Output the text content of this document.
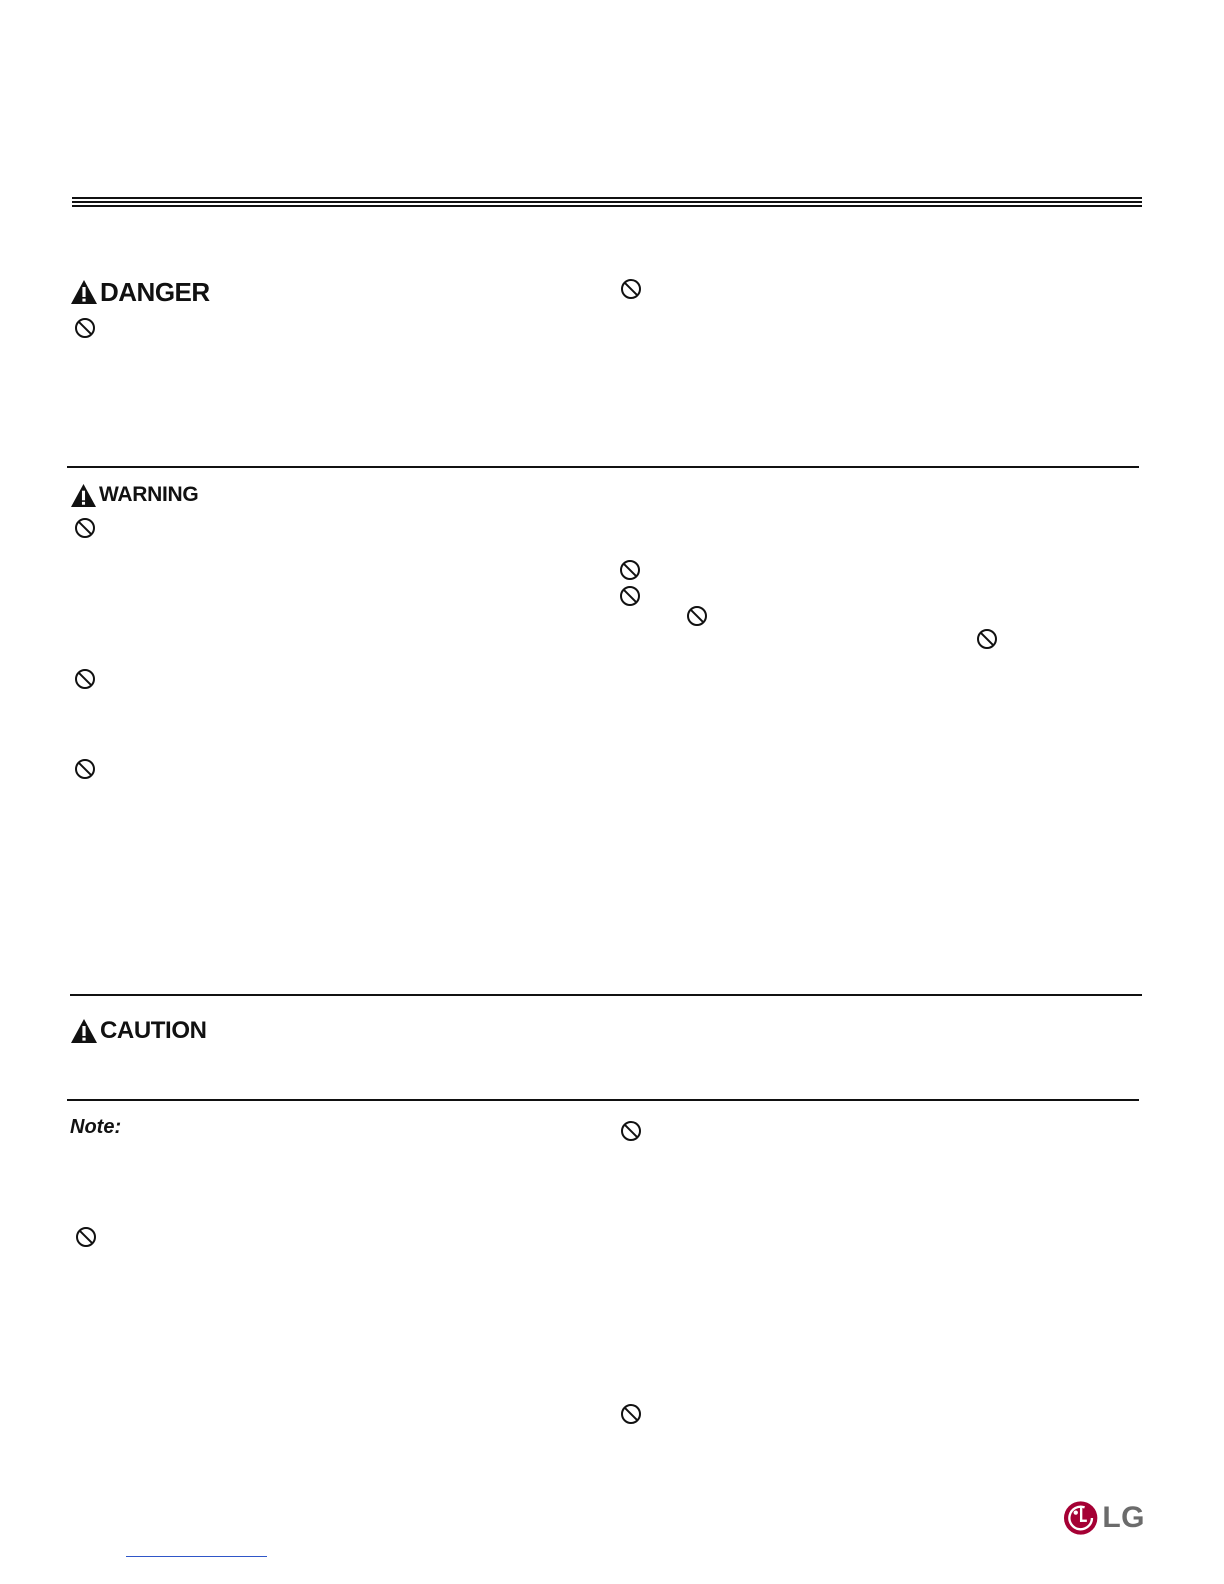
DANGER
WARNING
CAUTION
Note:
LG
